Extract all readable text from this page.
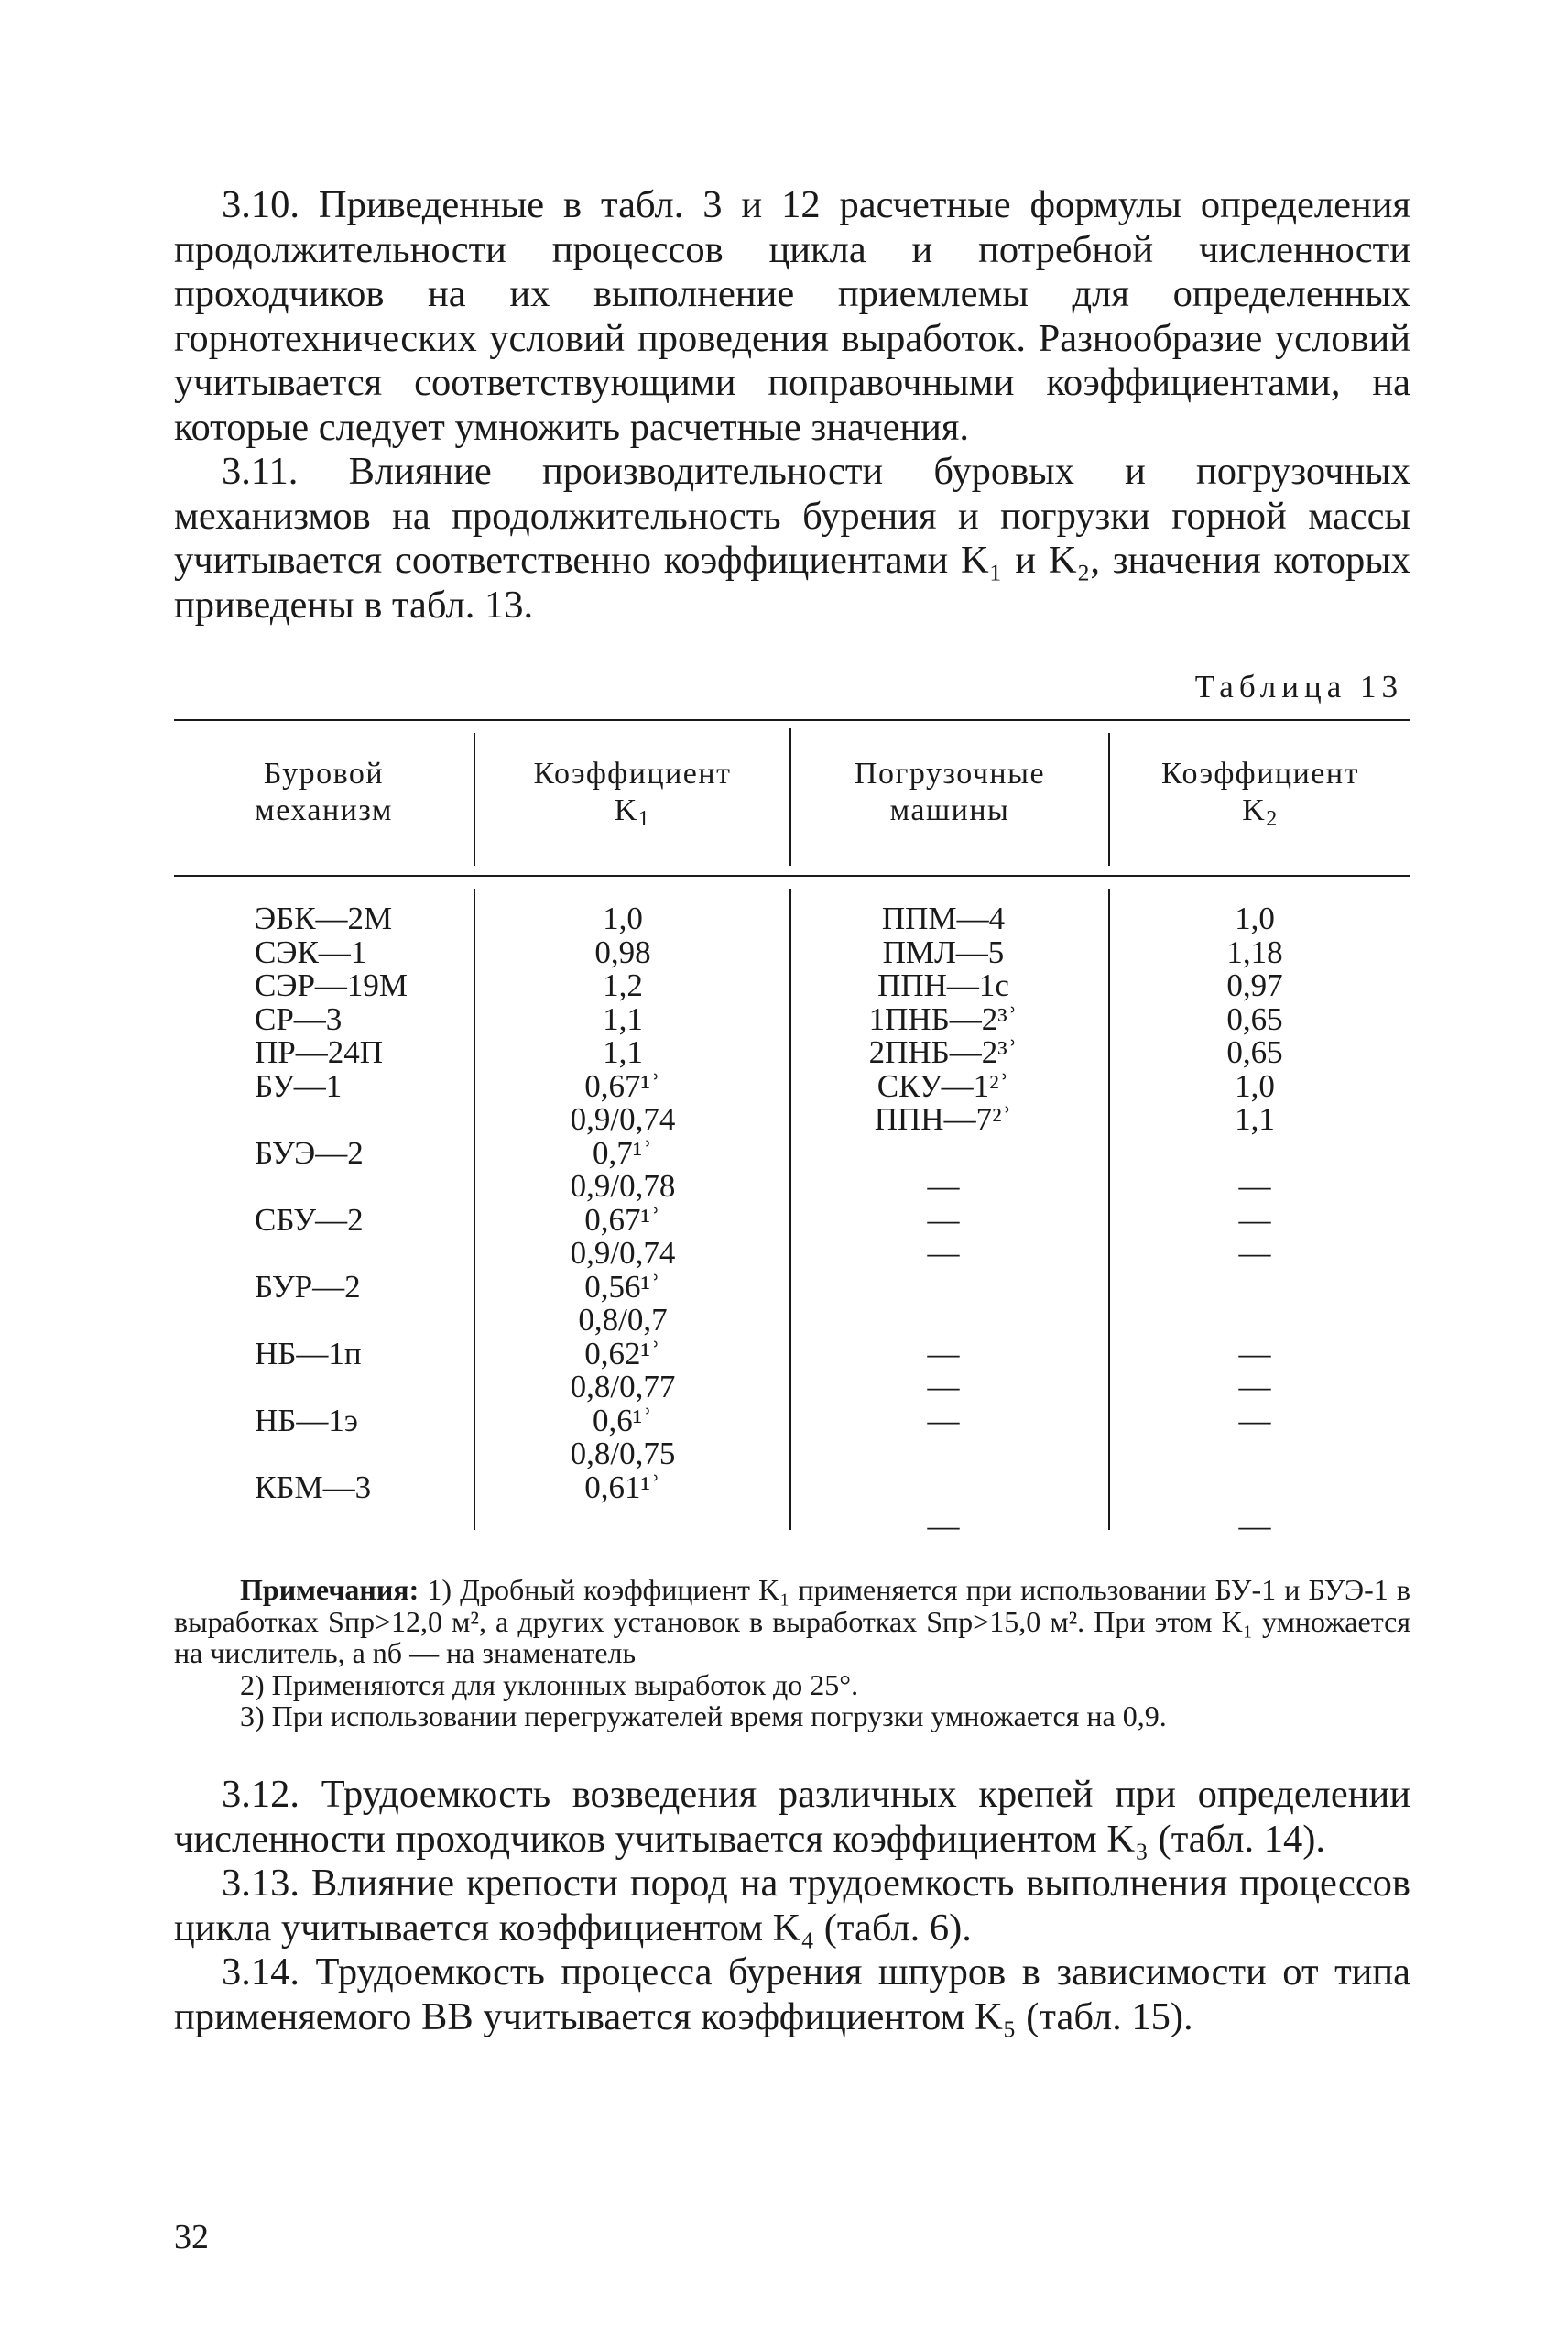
3.10. Приведенные в табл. 3 и 12 расчетные формулы определения продолжительности процессов цикла и потребной численности проходчиков на их выполнение приемлемы для определенных горнотехнических условий проведения выработок. Разнообразие условий учитывается соответствующими поправочными коэффициентами, на которые следует умножить расчетные значения.

3.11. Влияние производительности буровых и погрузочных механизмов на продолжительность бурения и погрузки горной массы учитывается соответственно коэффициентами K₁ и K₂, значения которых приведены в табл. 13.

Таблица 13
Буровой
механизм
Коэффициент
$K_1$
Погрузочные
машины
Коэффициент
$K_2$
ЭБК—2М
СЭК—1
СЭР—19М
СР—3
ПР—24П
БУ—1
БУЭ—2
СБУ—2
БУР—2
НБ—1п
НБ—1э
КБМ—3
1,0
0,98
1,2
1,1
1,1
0,67¹ʾ
0,9/0,74
0,7¹ʾ
0,9/0,78
0,67¹ʾ
0,9/0,74
0,56¹ʾ
0,8/0,7
0,62¹ʾ
0,8/0,77
0,6¹ʾ
0,8/0,75
0,61¹ʾ
ППМ—4
ПМЛ—5
ППН—1с
1ПНБ—2³ʾ
2ПНБ—2³ʾ
СКУ—1²ʾ
ППН—7²ʾ
—
—
—
—
—
—
—
1,0
1,18
0,97
0,65
0,65
1,0
1,1
—
—
—
—
—
—
—

Примечания: 1) Дробный коэффициент K₁ применяется при использовании БУ-1 и БУЭ-1 в выработках Sпр>12,0 м², а других установок в выработках Sпр>15,0 м². При этом K₁ умножается на числитель, а nб — на знаменатель

2) Применяются для уклонных выработок до 25°.

3) При использовании перегружателей время погрузки умножается на 0,9.

3.12. Трудоемкость возведения различных крепей при определении численности проходчиков учитывается коэффициентом K₃ (табл. 14).

3.13. Влияние крепости пород на трудоемкость выполнения процессов цикла учитывается коэффициентом K₄ (табл. 6).

3.14. Трудоемкость процесса бурения шпуров в зависимости от типа применяемого ВВ учитывается коэффициентом K₅ (табл. 15).

32
